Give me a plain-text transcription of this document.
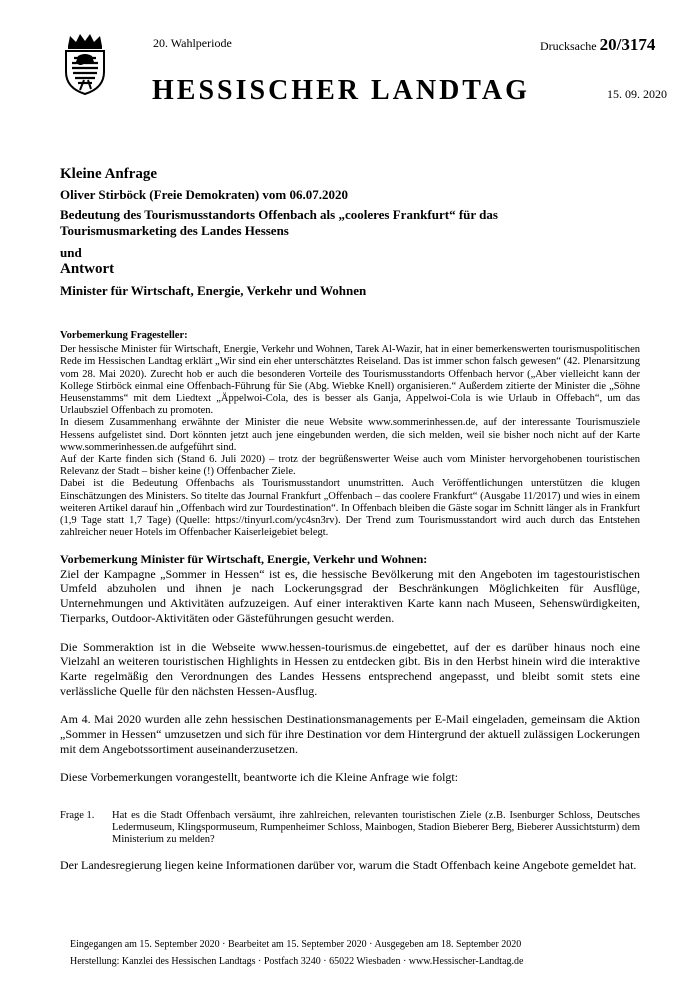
20. Wahlperiode	Drucksache 20/3174
HESSISCHER LANDTAG	15. 09. 2020
Kleine Anfrage
Oliver Stirböck (Freie Demokraten) vom 06.07.2020
Bedeutung des Tourismusstandorts Offenbach als „cooleres Frankfurt“ für das Tourismusmarketing des Landes Hessens
und
Antwort
Minister für Wirtschaft, Energie, Verkehr und Wohnen
Vorbemerkung Fragesteller:

Der hessische Minister für Wirtschaft, Energie, Verkehr und Wohnen, Tarek Al-Wazir, hat in einer bemerkenswerten tourismuspolitischen Rede im Hessischen Landtag erklärt „Wir sind ein eher unterschätztes Reiseland. Das ist immer schon falsch gewesen“ (42. Plenarsitzung vom 28. Mai 2020). Zurecht hob er auch die besonderen Vorteile des Tourismusstandorts Offenbach hervor („Aber vielleicht kann der Kollege Stirböck einmal eine Offenbach-Führung für Sie (Abg. Wiebke Knell) organisieren.“ Außerdem zitierte der Minister die „Söhne Heusenstamms“ mit dem Liedtext „Äppelwoi-Cola, des is besser als Ganja, Appelwoi-Cola is wie Urlaub in Offebach“, um das Urlaubsziel Offenbach zu promoten.

In diesem Zusammenhang erwähnte der Minister die neue Website www.sommerinhessen.de, auf der interessante Tourismusziele Hessens aufgelistet sind. Dort könnten jetzt auch jene eingebunden werden, die sich melden, weil sie bisher noch nicht auf der Karte www.sommerinhessen.de aufgeführt sind.

Auf der Karte finden sich (Stand 6. Juli 2020) – trotz der begrüßenswerter Weise auch vom Minister hervorgehobenen touristischen Relevanz der Stadt – bisher keine (!) Offenbacher Ziele.

Dabei ist die Bedeutung Offenbachs als Tourismusstandort unumstritten. Auch Veröffentlichungen unterstützen die klugen Einschätzungen des Ministers. So titelte das Journal Frankfurt „Offenbach – das coolere Frankfurt“ (Ausgabe 11/2017) und wies in einem weiteren Artikel darauf hin „Offenbach wird zur Tourdestination“. In Offenbach bleiben die Gäste sogar im Schnitt länger als in Frankfurt (1,9 Tage statt 1,7 Tage) (Quelle: https://tinyurl.com/yc4sn3rv). Der Trend zum Tourismusstandort wird auch durch das Entstehen zahlreicher neuer Hotels im Offenbacher Kaiserleigebiet belegt.

Vorbemerkung Minister für Wirtschaft, Energie, Verkehr und Wohnen:

Ziel der Kampagne „Sommer in Hessen“ ist es, die hessische Bevölkerung mit den Angeboten im tagestouristischen Umfeld abzuholen und ihnen je nach Lockerungsgrad der Beschränkungen Möglichkeiten für Ausflüge, Unternehmungen und Aktivitäten aufzuzeigen. Auf einer interaktiven Karte kann nach Museen, Sehenswürdigkeiten, Tierparks, Outdoor-Aktivitäten oder Gästeführungen gesucht werden.

Die Sommeraktion ist in die Webseite www.hessen-tourismus.de eingebettet, auf der es darüber hinaus noch eine Vielzahl an weiteren touristischen Highlights in Hessen zu entdecken gibt. Bis in den Herbst hinein wird die interaktive Karte regelmäßig den Verordnungen des Landes Hessens entsprechend angepasst, und bleibt somit stets eine verlässliche Quelle für den nächsten Hessen-Ausflug.

Am 4. Mai 2020 wurden alle zehn hessischen Destinationsmanagements per E-Mail eingeladen, gemeinsam die Aktion „Sommer in Hessen“ umzusetzen und sich für ihre Destination vor dem Hintergrund der aktuell zulässigen Lockerungen mit dem Angebotssortiment auseinanderzusetzen.

Diese Vorbemerkungen vorangestellt, beantworte ich die Kleine Anfrage wie folgt:

Frage 1. Hat es die Stadt Offenbach versäumt, ihre zahlreichen, relevanten touristischen Ziele (z.B. Isenburger Schloss, Deutsches Ledermuseum, Klingspormuseum, Rumpenheimer Schloss, Mainbogen, Stadion Bieberer Berg, Bieberer Aussichtsturm) dem Ministerium zu melden?
Der Landesregierung liegen keine Informationen darüber vor, warum die Stadt Offenbach keine Angebote gemeldet hat.
Eingegangen am 15. September 2020 · Bearbeitet am 15. September 2020 · Ausgegeben am 18. September 2020
Herstellung: Kanzlei des Hessischen Landtags · Postfach 3240 · 65022 Wiesbaden · www.Hessischer-Landtag.de
